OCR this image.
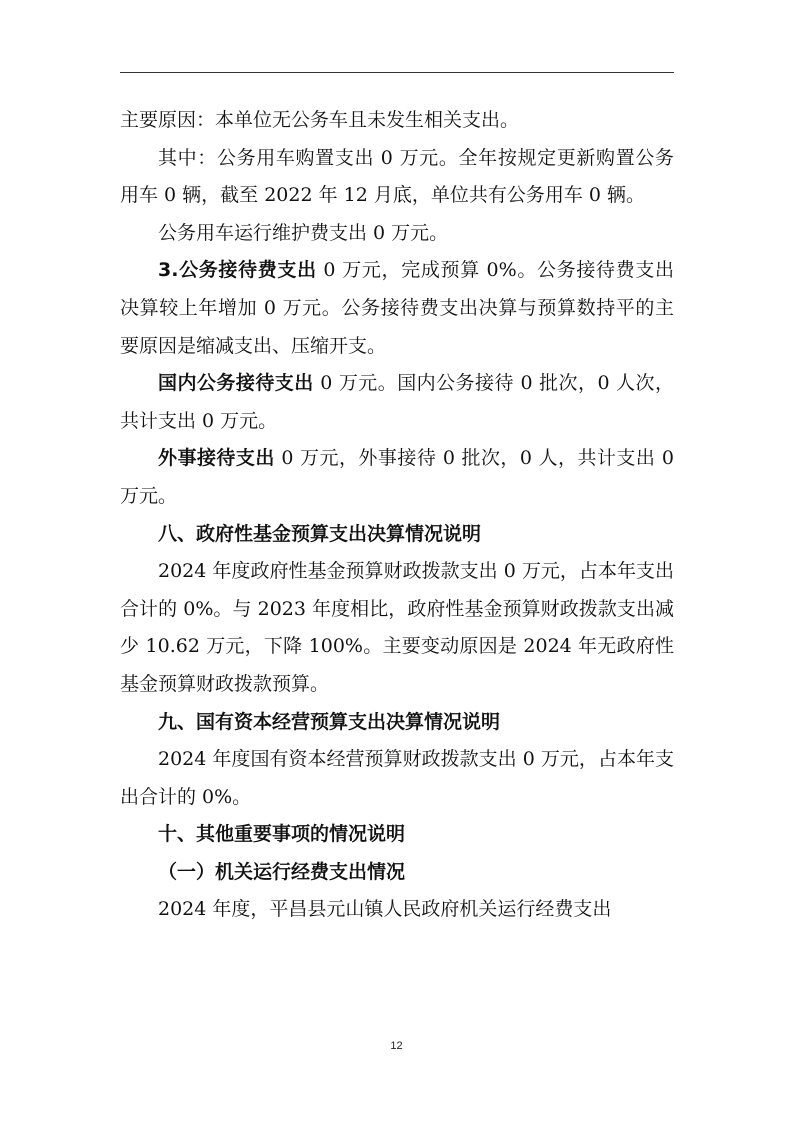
主要原因：本单位无公务车且未发生相关支出。

其中：公务用车购置支出 0 万元。全年按规定更新购置公务用车 0 辆，截至 2022 年 12 月底，单位共有公务用车 0 辆。

公务用车运行维护费支出 0 万元。

3.公务接待费支出 0 万元，完成预算 0%。公务接待费支出决算较上年增加 0 万元。公务接待费支出决算与预算数持平的主要原因是缩减支出、压缩开支。

国内公务接待支出 0 万元。国内公务接待 0 批次，0 人次，共计支出 0 万元。

外事接待支出 0 万元，外事接待 0 批次，0 人，共计支出 0 万元。

八、政府性基金预算支出决算情况说明

2024 年度政府性基金预算财政拨款支出 0 万元，占本年支出合计的 0%。与 2023 年度相比，政府性基金预算财政拨款支出减少 10.62 万元，下降 100%。主要变动原因是 2024 年无政府性基金预算财政拨款预算。

九、国有资本经营预算支出决算情况说明

2024 年度国有资本经营预算财政拨款支出 0 万元，占本年支出合计的 0%。

十、其他重要事项的情况说明

（一）机关运行经费支出情况

2024 年度，平昌县元山镇人民政府机关运行经费支出

12
